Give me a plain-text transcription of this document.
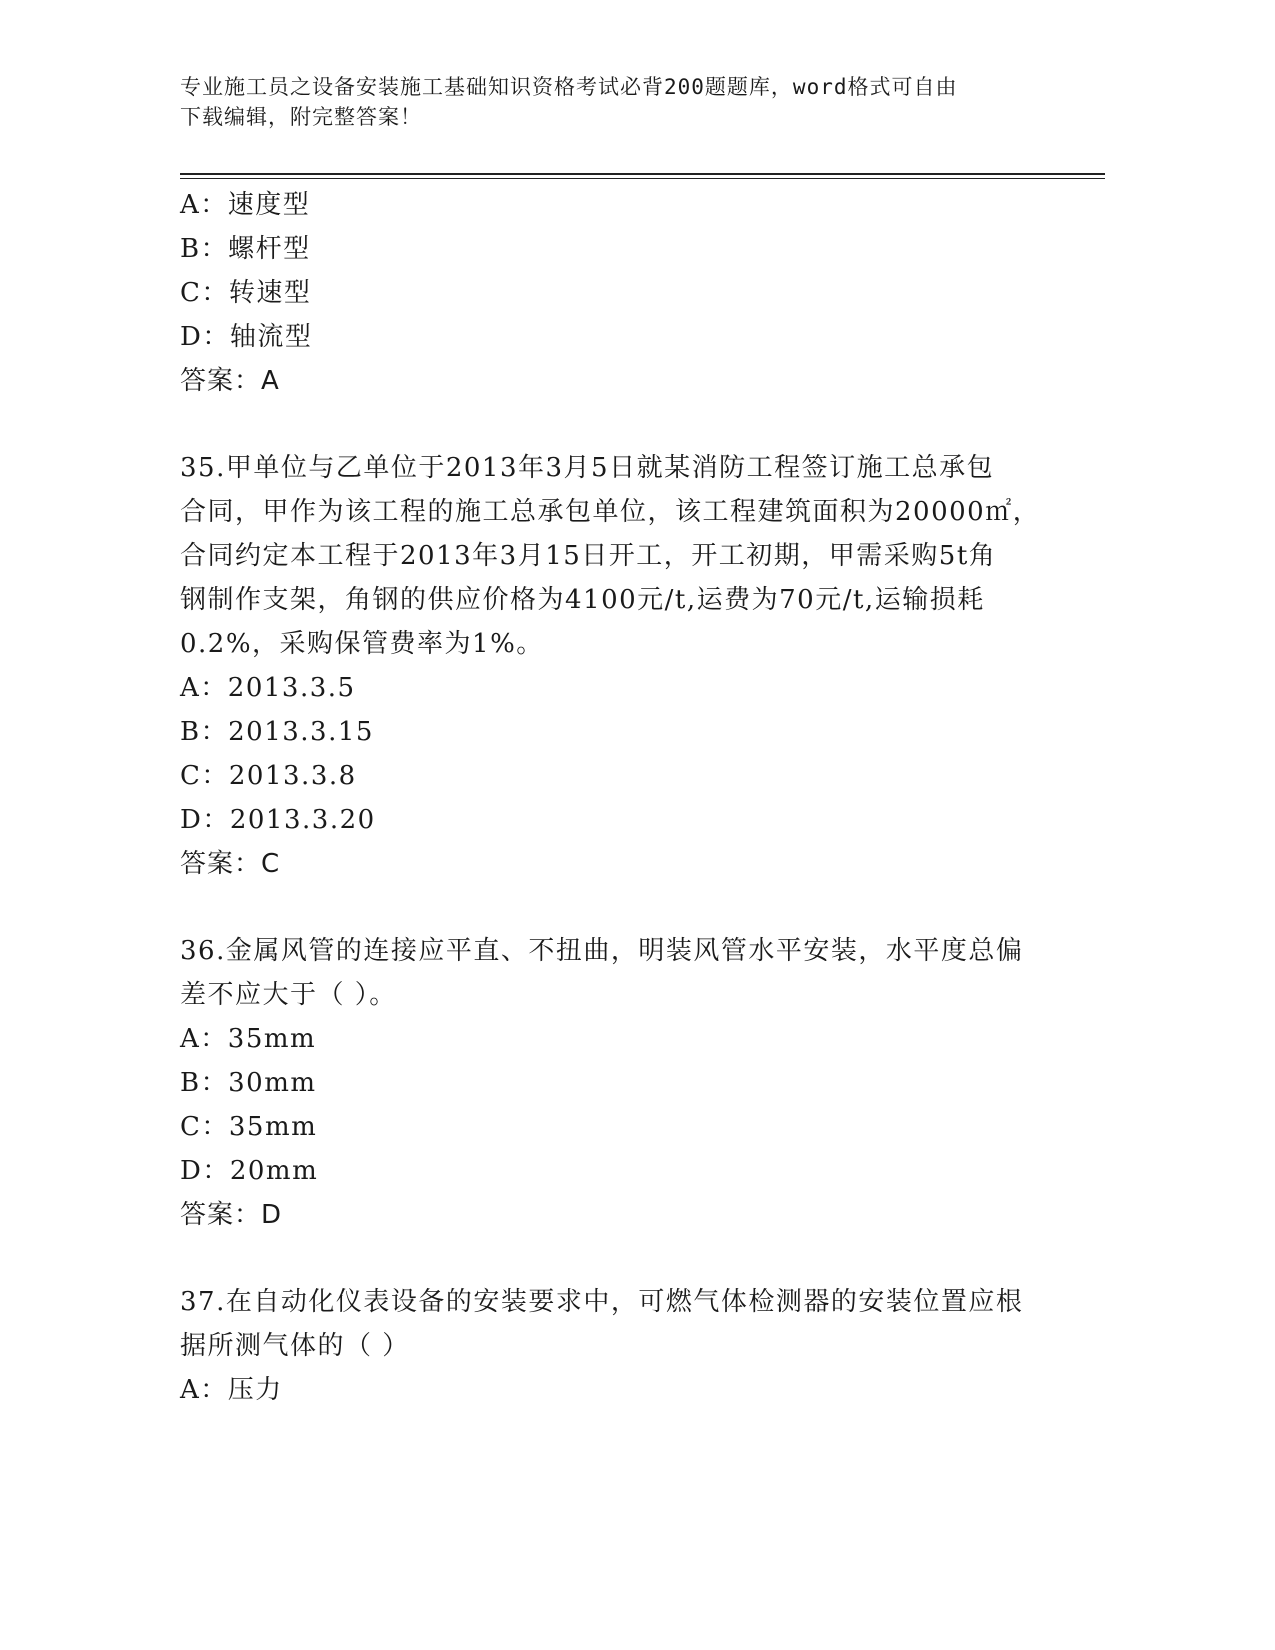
专业施工员之设备安装施工基础知识资格考试必背200题题库，word格式可自由
下载编辑，附完整答案！
A：速度型
B：螺杆型
C：转速型
D：轴流型
答案：A
35.甲单位与乙单位于2013年3月5日就某消防工程签订施工总承包
合同，甲作为该工程的施工总承包单位，该工程建筑面积为20000㎡，
合同约定本工程于2013年3月15日开工，开工初期，甲需采购5t角
钢制作支架，角钢的供应价格为4100元/t,运费为70元/t,运输损耗
0.2%，采购保管费率为1%。
A：2013.3.5
B：2013.3.15
C：2013.3.8
D：2013.3.20
答案：C
36.金属风管的连接应平直、不扭曲，明装风管水平安装，水平度总偏
差不应大于（ ）。
A：35mm
B：30mm
C：35mm
D：20mm
答案：D
37.在自动化仪表设备的安装要求中，可燃气体检测器的安装位置应根
据所测气体的（ ）
A：压力
